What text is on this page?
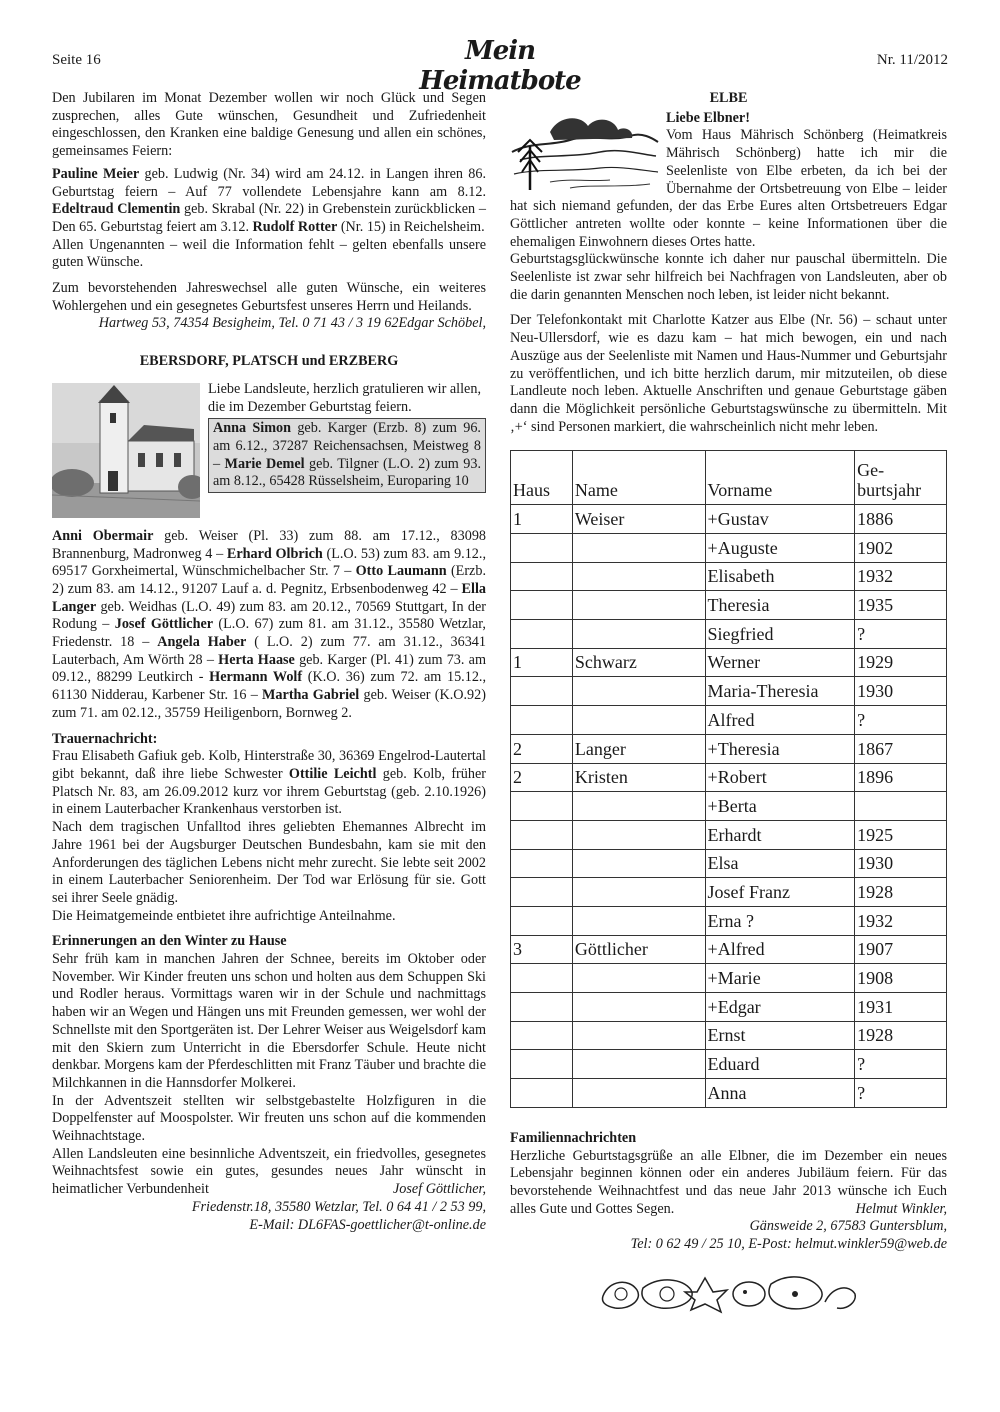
Seite 16	Mein Heimatbote
Nr. 11/2012

Den Jubilaren im Monat Dezember wollen wir noch Glück und Segen zusprechen, alles Gute wünschen, Gesundheit und Zufriedenheit eingeschlossen, den Kranken eine baldige Genesung und allen ein schönes, gemeinsames Feiern:

Pauline Meier geb. Ludwig (Nr. 34) wird am 24.12. in Langen ihren 86. Geburtstag feiern – Auf 77 vollendete Lebensjahre kann am 8.12. Edeltraud Clementin geb. Skrabal (Nr. 22) in Grebenstein zurückblicken – Den 65. Geburtstag feiert am 3.12. Rudolf Rotter (Nr. 15) in Reichelsheim.

Allen Ungenannten – weil die Information fehlt – gelten ebenfalls unsere guten Wünsche.

Zum bevorstehenden Jahreswechsel alle guten Wünsche, ein weiteres Wohlergehen und ein gesegnetes Geburtsfest unseres Herrn und Heilands.
Edgar Schöbel,

Hartweg 53, 74354 Besigheim, Tel. 0 71 43 / 3 19 62

EBERSDORF, PLATSCH und ERZBERG

Liebe Landsleute, herzlich gratulieren wir allen, die im Dezember Geburtstag feiern.

Anna Simon geb. Karger (Erzb. 8) zum 96. am 6.12., 37287 Reichensachsen, Meistweg 8 – Marie Demel geb. Tilgner (L.O. 2) zum 93. am 8.12., 65428 Rüsselsheim, Europaring 10

Anni Obermair geb. Weiser (Pl. 33) zum 88. am 17.12., 83098 Brannenburg, Madronweg 4 – Erhard Olbrich (L.O. 53) zum 83. am 9.12., 69517 Gorxheimertal, Wünschmichelbacher Str. 7 – Otto Laumann (Erzb. 2) zum 83. am 14.12., 91207 Lauf a. d. Pegnitz, Erbsenbodenweg 42 – Ella Langer geb. Weidhas (L.O. 49) zum 83. am 20.12., 70569 Stuttgart, In der Rodung – Josef Göttlicher (L.O. 67) zum 81. am 31.12., 35580 Wetzlar, Friedenstr. 18 – Angela Haber ( L.O. 2) zum 77. am 31.12., 36341 Lauterbach, Am Wörth 28 – Herta Haase geb. Karger (Pl. 41) zum 73. am 09.12., 88299 Leutkirch - Hermann Wolf (K.O. 36) zum 72. am 15.12., 61130 Nidderau, Karbener Str. 16 – Martha Gabriel geb. Weiser (K.O.92) zum 71. am 02.12., 35759 Heiligenborn, Bornweg 2.

Trauernachricht:

Frau Elisabeth Gafiuk geb. Kolb, Hinterstraße 30, 36369 Engelrod-Lautertal gibt bekannt, daß ihre liebe Schwester Ottilie Leichtl geb. Kolb, früher Platsch Nr. 83, am 26.09.2012 kurz vor ihrem Geburtstag (geb. 2.10.1926) in einem Lauterbacher Krankenhaus verstorben ist.

Nach dem tragischen Unfalltod ihres geliebten Ehemannes Albrecht im Jahre 1961 bei der Augsburger Deutschen Bundesbahn, kam sie mit den Anforderungen des täglichen Lebens nicht mehr zurecht. Sie lebte seit 2002 in einem Lauterbacher Seniorenheim. Der Tod war Erlösung für sie. Gott sei ihrer Seele gnädig.

Die Heimatgemeinde entbietet ihre aufrichtige Anteilnahme.

Erinnerungen an den Winter zu Hause

Sehr früh kam in manchen Jahren der Schnee, bereits im Oktober oder November. Wir Kinder freuten uns schon und holten aus dem Schuppen Ski und Rodler heraus. Vormittags waren wir in der Schule und nachmittags haben wir an Wegen und Hängen uns mit Freunden gemessen, wer wohl der Schnellste mit den Sportgeräten ist. Der Lehrer Weiser aus Weigelsdorf kam mit den Skiern zum Unterricht in die Ebersdorfer Schule. Heute nicht denkbar. Morgens kam der Pferdeschlitten mit Franz Täuber und brachte die Milchkannen in die Hannsdorfer Molkerei.

In der Adventszeit stellten wir selbstgebastelte Holzfiguren in die Doppelfenster auf Moospolster. Wir freuten uns schon auf die kommenden Weihnachtstage.

Allen Landsleuten eine besinnliche Adventszeit, ein friedvolles, gesegnetes Weihnachtsfest sowie ein gutes, gesundes neues Jahr wünscht in heimatlicher Verbundenheit	Josef Göttlicher,

Friedenstr.18, 35580 Wetzlar, Tel. 0 64 41 / 2 53 99,

E-Mail: DL6FAS-goettlicher@t-online.de

ELBE

Liebe Elbner!

Vom Haus Mährisch Schönberg (Heimatkreis Mährisch Schönberg) hatte ich mir die Seelenliste von Elbe erbeten, da ich bei der Übernahme der Ortsbetreuung von Elbe – leider hat sich niemand gefunden, der das Erbe Eures alten Ortsbetreuers Edgar Göttlicher antreten wollte oder konnte – keine Informationen über die ehemaligen Einwohnern dieses Ortes hatte.

Geburtstagsglückwünsche konnte ich daher nur pauschal übermitteln. Die Seelenliste ist zwar sehr hilfreich bei Nachfragen von Landsleuten, aber ob die darin genannten Menschen noch leben, ist leider nicht bekannt.

Der Telefonkontakt mit Charlotte Katzer aus Elbe (Nr. 56) – schaut unter Neu-Ullersdorf, wie es dazu kam – hat mich bewogen, ein und nach Auszüge aus der Seelenliste mit Namen und Haus-Nummer und Geburtsjahr zu veröffentlichen, und ich bitte herzlich darum, mir mitzuteilen, ob diese Landleute noch leben. Aktuelle Anschriften und genaue Geburtstage gäben dann die Möglichkeit persönliche Geburtstagswünsche zu übermitteln. Mit ‚+‘ sind Personen markiert, die wahrscheinlich nicht mehr leben.

Haus	Name	Vorname	Ge-
burtsjahr
1	Weiser	+Gustav	1886
		+Auguste	1902
		Elisabeth	1932
		Theresia	1935
		Siegfried	?
1	Schwarz	Werner	1929
		Maria-Theresia	1930
		Alfred	?
2	Langer	+Theresia	1867
2	Kristen	+Robert	1896
		+Berta	
		Erhardt	1925
		Elsa	1930
		Josef Franz	1928
		Erna ?	1932
3	Göttlicher	+Alfred	1907
		+Marie	1908
		+Edgar	1931
		Ernst	1928
		Eduard	?
		Anna	?

Familiennachrichten

Herzliche Geburtstagsgrüße an alle Elbner, die im Dezember ein neues Lebensjahr beginnen können oder ein anderes Jubiläum feiern. Für das bevorstehende Weihnachtfest und das neue Jahr 2013 wünsche ich Euch alles Gute und Gottes Segen.	Helmut Winkler,

Gänsweide 2, 67583 Guntersblum,

Tel: 0 62 49 / 25 10, E-Post: helmut.winkler59@web.de
